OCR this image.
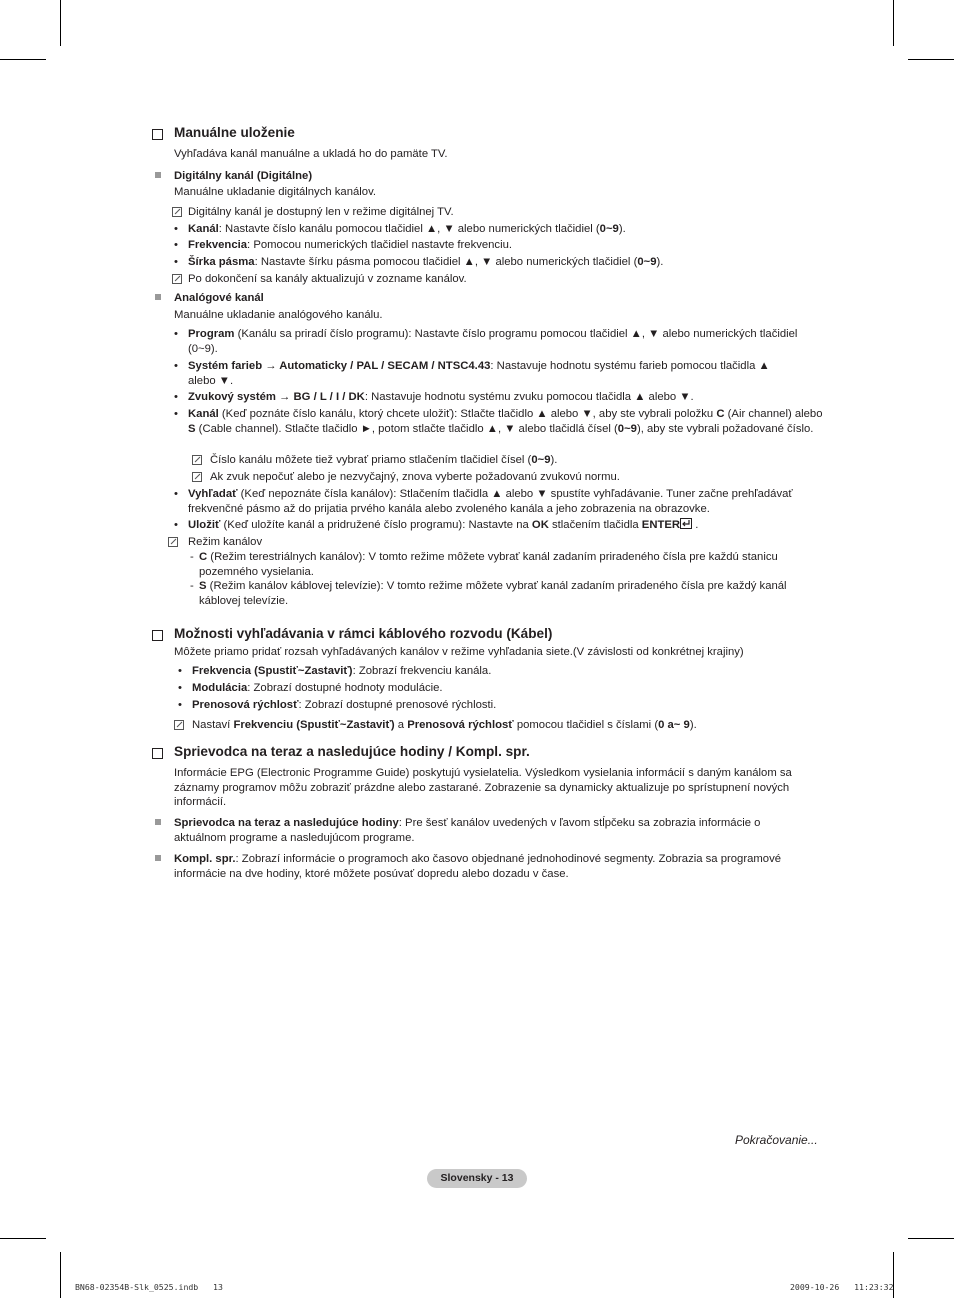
Manuálne uloženie
Vyhľadáva kanál manuálne a ukladá ho do pamäte TV.
Digitálny kanál (Digitálne)
Manuálne ukladanie digitálnych kanálov.
Digitálny kanál je dostupný len v režime digitálnej TV.
• Kanál: Nastavte číslo kanálu pomocou tlačidiel ▲, ▼ alebo numerických tlačidiel (0~9).
• Frekvencia: Pomocou numerických tlačidiel nastavte frekvenciu.
• Šírka pásma: Nastavte šírku pásma pomocou tlačidiel ▲, ▼ alebo numerických tlačidiel (0~9).
Po dokončení sa kanály aktualizujú v zozname kanálov.
Analógové kanál
Manuálne ukladanie analógového kanálu.
• Program (Kanálu sa priradí číslo programu): Nastavte číslo programu pomocou tlačidiel ▲, ▼ alebo numerických tlačidiel (0~9).
• Systém farieb → Automaticky / PAL / SECAM / NTSC4.43: Nastavuje hodnotu systému farieb pomocou tlačidla ▲ alebo ▼.
• Zvukový systém → BG / L / I / DK: Nastavuje hodnotu systému zvuku pomocou tlačidla ▲ alebo ▼.
• Kanál (Keď poznáte číslo kanálu, ktorý chcete uložiť): Stlačte tlačidlo ▲ alebo ▼, aby ste vybrali položku C (Air channel) alebo S (Cable channel). Stlačte tlačidlo ►, potom stlačte tlačidlo ▲, ▼ alebo tlačidlá čísel (0~9), aby ste vybrali požadované číslo.
Číslo kanálu môžete tiež vybrať priamo stlačením tlačidiel čísel (0~9).
Ak zvuk nepočuť alebo je nezvyčajný, znova vyberte požadovanú zvukovú normu.
• Vyhľadať (Keď nepoznáte čísla kanálov): Stlačením tlačidla ▲ alebo ▼ spustíte vyhľadávanie. Tuner začne prehľadávať frekvenčné pásmo až do prijatia prvého kanála alebo zvoleného kanála a jeho zobrazenia na obrazovke.
• Uložiť (Keď uložíte kanál a pridružené číslo programu): Nastavte na OK stlačením tlačidla ENTER .
Režim kanálov
- C (Režim terestriálnych kanálov): V tomto režime môžete vybrať kanál zadaním priradeného čísla pre každú stanicu pozemného vysielania.
- S (Režim kanálov káblovej televízie): V tomto režime môžete vybrať kanál zadaním priradeného čísla pre každý kanál káblovej televízie.
Možnosti vyhľadávania v rámci káblového rozvodu (Kábel)
Môžete priamo pridať rozsah vyhľadávaných kanálov v režime vyhľadania siete.(V závislosti od konkrétnej krajiny)
• Frekvencia (Spustiť~Zastaviť): Zobrazí frekvenciu kanála.
• Modulácia: Zobrazí dostupné hodnoty modulácie.
• Prenosová rýchlosť: Zobrazí dostupné prenosové rýchlosti.
Nastaví Frekvenciu (Spustiť~Zastaviť) a Prenosová rýchlosť pomocou tlačidiel s číslami (0 a~ 9).
Sprievodca na teraz a nasledujúce hodiny / Kompl. spr.
Informácie EPG (Electronic Programme Guide) poskytujú vysielatelia. Výsledkom vysielania informácií s daným kanálom sa záznamy programov môžu zobraziť prázdne alebo zastarané. Zobrazenie sa dynamicky aktualizuje po sprístupnení nových informácií.
Sprievodca na teraz a nasledujúce hodiny: Pre šesť kanálov uvedených v ľavom stĺpčeku sa zobrazia informácie o aktuálnom programe a nasledujúcom programe.
Kompl. spr.: Zobrazí informácie o programoch ako časovo objednané jednohodinové segmenty. Zobrazia sa programové informácie na dve hodiny, ktoré môžete posúvať dopredu alebo dozadu v čase.
Pokračovanie...
Slovensky - 13
BN68-02354B-Slk_0525.indb   13	2009-10-26   11:23:32
